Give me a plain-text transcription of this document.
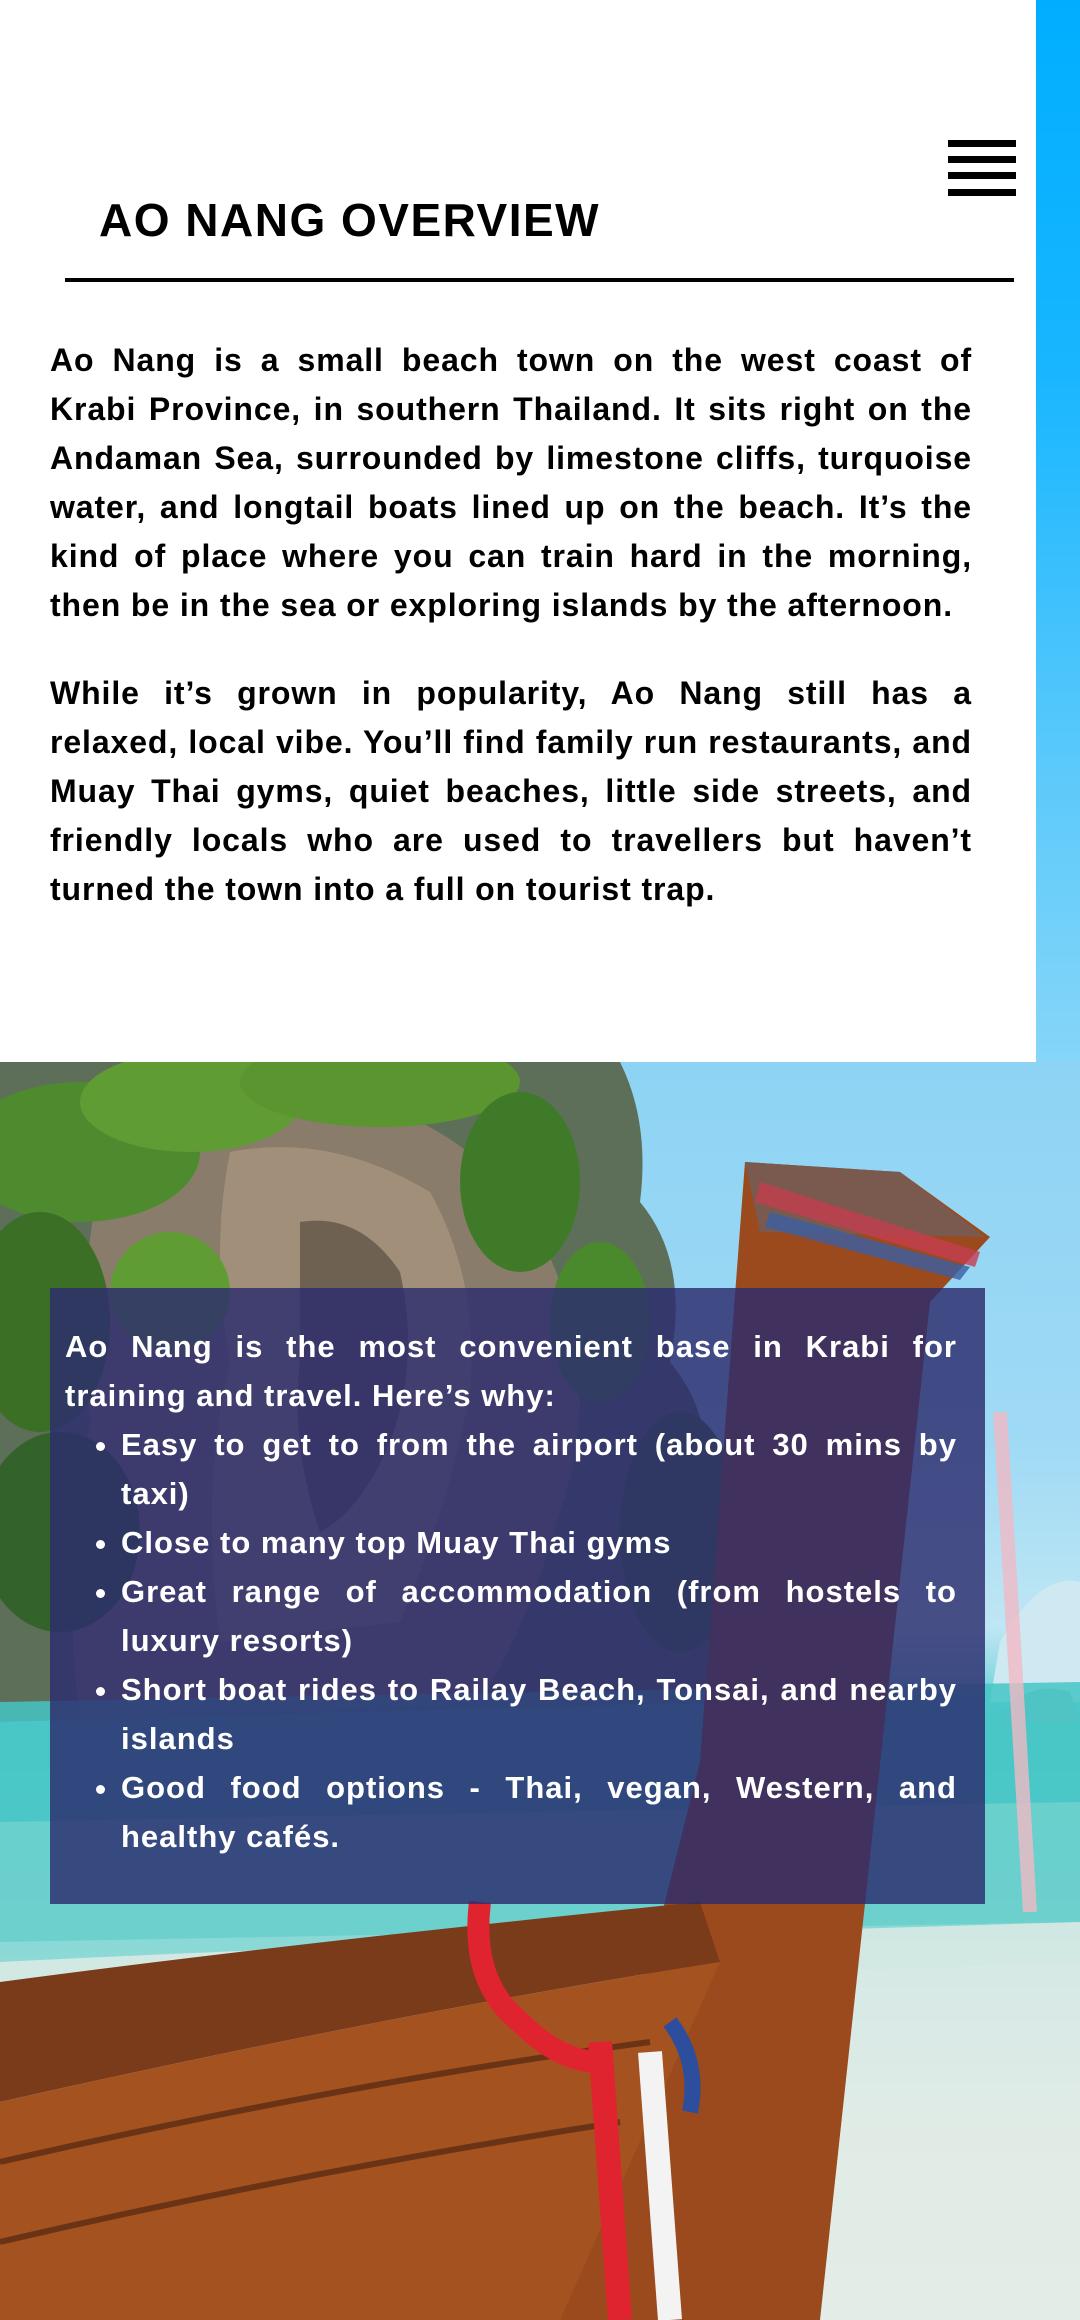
AO NANG OVERVIEW

Ao Nang is a small beach town on the west coast of Krabi Province, in southern Thailand. It sits right on the Andaman Sea, surrounded by limestone cliffs, turquoise water, and longtail boats lined up on the beach. It’s the kind of place where you can train hard in the morning, then be in the sea or exploring islands by the afternoon.

While it’s grown in popularity, Ao Nang still has a relaxed, local vibe. You’ll find family run restaurants, and Muay Thai gyms, quiet beaches, little side streets, and friendly locals who are used to travellers but haven’t turned the town into a full on tourist trap.

Ao Nang is the most convenient base in Krabi for training and travel. Here’s why:

• Easy to get to from the airport (about 30 mins by taxi)
• Close to many top Muay Thai gyms
• Great range of accommodation (from hostels to luxury resorts)
• Short boat rides to Railay Beach, Tonsai, and nearby islands
• Good food options - Thai, vegan, Western, and healthy cafés.
